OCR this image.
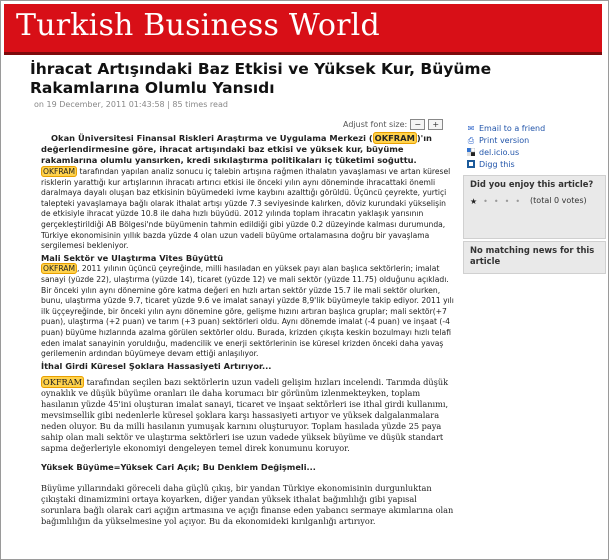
Turkish Business World
İhracat Artışındaki Baz Etkisi ve Yüksek Kur, Büyüme Rakamlarına Olumlu Yansıdı
on 19 December, 2011 01:43:58 | 85 times read
Adjust font size: −	+

Okan Üniversitesi Finansal Riskleri Araştırma ve Uygulama Merkezi ( OKFRAM )'ın değerlendirmesine göre, ihracat artışındaki baz etkisi ve yüksek kur, büyüme rakamlarına olumlu yansırken, kredi sıkılaştırma politikaları iç tüketimi soğuttu.

OKFRAM tarafından yapılan analiz sonucu iç talebin artışına rağmen ithalatın yavaşlaması ve artan küresel risklerin yarattığı kur artışlarının ihracatı artırıcı etkisi ile önceki yılın aynı döneminde ihracattaki önemli daralmaya dayalı oluşan baz etkisinin büyümedeki ivme kaybını azalttığı görüldü. Üçüncü çeyrekte, yurtiçi talepteki yavaşlamaya bağlı olarak ithalat artışı yüzde 7.3 seviyesinde kalırken, döviz kurundaki yükselişin de etkisiyle ihracat yüzde 10.8 ile daha hızlı büyüdü. 2012 yılında toplam ihracatın yaklaşık yarısının gerçekleştirildiği AB Bölgesi'nde büyümenin tahmin edildiği gibi yüzde 0.2 düzeyinde kalması durumunda, Türkiye ekonomisinin yıllık bazda yüzde 4 olan uzun vadeli büyüme ortalamasına doğru bir yavaşlama sergilemesi bekleniyor.

Mali Sektör ve Ulaştırma Vites Büyüttü

OKFRAM , 2011 yılının üçüncü çeyreğinde, milli hasıladan en yüksek payı alan başlıca sektörlerin; imalat sanayi (yüzde 22), ulaştırma (yüzde 14), ticaret (yüzde 12) ve mali sektör (yüzde 11.75) olduğunu açıkladı.

Bir önceki yılın aynı dönemine göre katma değeri en hızlı artan sektör yüzde 15.7 ile mali sektör olurken, bunu, ulaştırma yüzde 9.7, ticaret yüzde 9.6 ve imalat sanayi yüzde 8,9'lik büyümeyle takip ediyor. 2011 yılı ilk üççeyreğinde, bir önceki yılın aynı dönemine göre, gelişme hızını artıran başlıca gruplar; mali sektör(+7 puan), ulaştırma (+2 puan) ve tarım (+3 puan) sektörleri oldu. Aynı dönemde imalat (-4 puan) ve inşaat (-4 puan) büyüme hızlarında azalma görülen sektörler oldu. Burada, krizden çıkışta keskin bozulmayı hızlı telafi eden imalat sanayinin yoruldıığu, madencilik ve enerji sektörlerinin ise küresel krizden önceki daha yavaş gerilemenin ardından büyümeye devam ettiği anlaşılıyor.

İthal Girdi Küresel Şoklara Hassasiyeti Artırıyor...

OKFRAM tarafından seçilen bazı sektörlerin uzun vadeli gelişim hızları incelendi. Tarımda düşük oynaklık ve düşük büyüme oranları ile daha korumacı bir görünüm izlenmekteyken, toplam hasılanın yüzde 45'ini oluşturan imalat sanayi, ticaret ve inşaat sektörleri ise ithal girdi kullanımı, mevsimsellik gibi nedenlerle küresel şoklara karşı hassasiyeti artıyor ve yüksek dalgalanmalara neden oluyor. Bu da milli hasılanın yumuşak karnını oluşturuyor. Toplam hasılada yüzde 25 paya sahip olan mali sektör ve ulaştırma sektörleri ise uzun vadede yüksek büyüme ve düşük standart sapma değerleriyle ekonomiyi dengeleyen temel direk konumunu koruyor.

Yüksek Büyüme=Yüksek Cari Açık; Bu Denklem Değişmeli...

Büyüme yıllarındaki göreceli daha güçlü çıkış, bir yandan Türkiye ekonomisinin durgunluktan çıkıştaki dinamizmini ortaya koyarken, diğer yandan yüksek ithalat bağımlılığı gibi yapısal sorunlara bağlı olarak cari açığın artmasına ve açığı finanse eden yabancı sermaye akımlarına olan bağımlılığın da yükselmesine yol açıyor. Bu da ekonomideki kırılganlığı artırıyor.

✉ Email to a friend
⎙ Print version
del.icio.us
Digg this
Did you enjoy this article?
★•••• (total 0 votes)
No matching news for this article
